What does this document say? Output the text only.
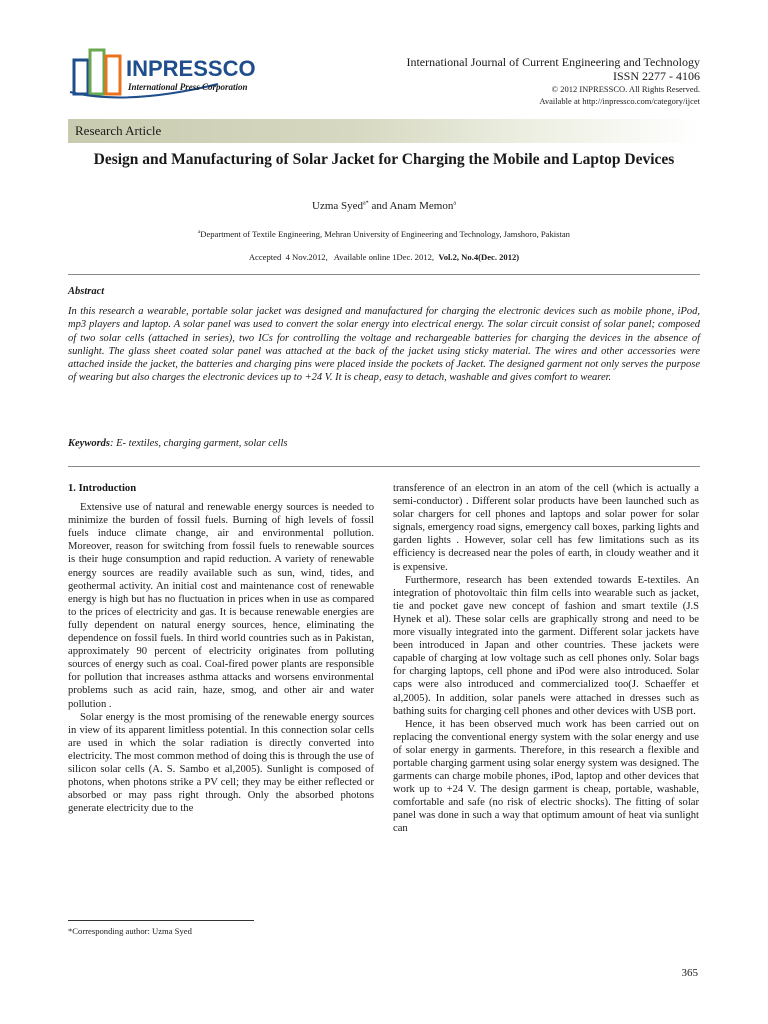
INPRESSCO
International Press Corporation
International Journal of Current Engineering and Technology
ISSN 2277 - 4106
© 2012 INPRESSCO. All Rights Reserved.
Available at http://inpressco.com/category/ijcet
Research Article
Design and Manufacturing of Solar Jacket for Charging the Mobile and Laptop Devices
Uzma Syed$^{a*}$ and Anam Memon$^a$
$^a$Department of Textile Engineering, Mehran University of Engineering and Technology, Jamshoro, Pakistan
Accepted  4 Nov.2012,   Available online 1Dec. 2012,  Vol.2, No.4(Dec. 2012)
Abstract
In this research a wearable, portable solar jacket was designed and manufactured for charging the electronic devices such as mobile phone, iPod, mp3 players and laptop. A solar panel was used to convert the solar energy into electrical energy. The solar circuit consist of solar panel; composed of two solar cells (attached in series), two ICs for controlling the voltage and rechargeable batteries for charging the devices in the absence of sunlight. The glass sheet coated solar panel was attached at the back of the jacket using sticky material. The wires and other accessories were attached inside the jacket, the batteries and charging pins were placed inside the pockets of Jacket. The designed garment not only serves the purpose of wearing but also charges the electronic devices up to +24 V. It is cheap, easy to detach, washable and gives comfort to wearer.
Keywords: E- textiles, charging garment, solar cells
1. Introduction

Extensive use of natural and renewable energy sources is needed to minimize the burden of fossil fuels. Burning of high levels of fossil fuels induce climate change, air and environmental pollution. Moreover, reason for switching from fossil fuels to renewable sources is their huge consumption and rapid reduction. A variety of renewable energy sources are readily available such as sun, wind, tides, and geothermal activity. An initial cost and maintenance cost of renewable energy is high but has no fluctuation in prices when in use as compared to the prices of electricity and gas. It is because renewable energies are fully dependent on natural energy sources, hence, eliminating the dependence on fossil fuels. In third world countries such as in Pakistan, approximately 90 percent of electricity originates from polluting sources of energy such as coal. Coal-fired power plants are responsible for pollution that increases asthma attacks and worsens environmental problems such as acid rain, haze, smog, and other air and water pollution .

Solar energy is the most promising of the renewable energy sources in view of its apparent limitless potential. In this connection solar cells are used in which the solar radiation is directly converted into electricity. The most common method of doing this is through the use of silicon solar cells (A. S. Sambo et al,2005). Sunlight is composed of photons, when photons strike a PV cell; they may be either reflected or absorbed or may pass right through. Only the absorbed photons generate electricity due to the

transference of an electron in an atom of the cell (which is actually a semi-conductor) . Different solar products have been launched such as solar chargers for cell phones and laptops and solar power for solar signals, emergency road signs, emergency call boxes, parking lights and garden lights . However, solar cell has few limitations such as its efficiency is decreased near the poles of earth, in cloudy weather and it is expensive.

Furthermore, research has been extended towards E-textiles. An integration of photovoltaic thin film cells into wearable such as jacket, tie and pocket gave new concept of fashion and smart textile (J.S Hynek et al). These solar cells are graphically strong and need to be more visually integrated into the garment. Different solar jackets have been introduced in Japan and other countries. These jackets were capable of charging at low voltage such as cell phones only. Solar bags for charging laptops, cell phone and iPod were also introduced. Solar caps were also introduced and commercialized too(J. Schaeffer et al,2005). In addition, solar panels were attached in dresses such as bathing suits for charging cell phones and other devices with USB port.

Hence, it has been observed much work has been carried out on replacing the conventional energy system with the solar energy and use of solar energy in garments. Therefore, in this research a flexible and portable charging garment using solar energy system was designed. The garments can charge mobile phones, iPod, laptop and other devices that work up to +24 V. The design garment is cheap, portable, washable, comfortable and safe (no risk of electric shocks). The fitting of solar panel was done in such a way that optimum amount of heat via sunlight can

*Corresponding author: Uzma Syed
365
